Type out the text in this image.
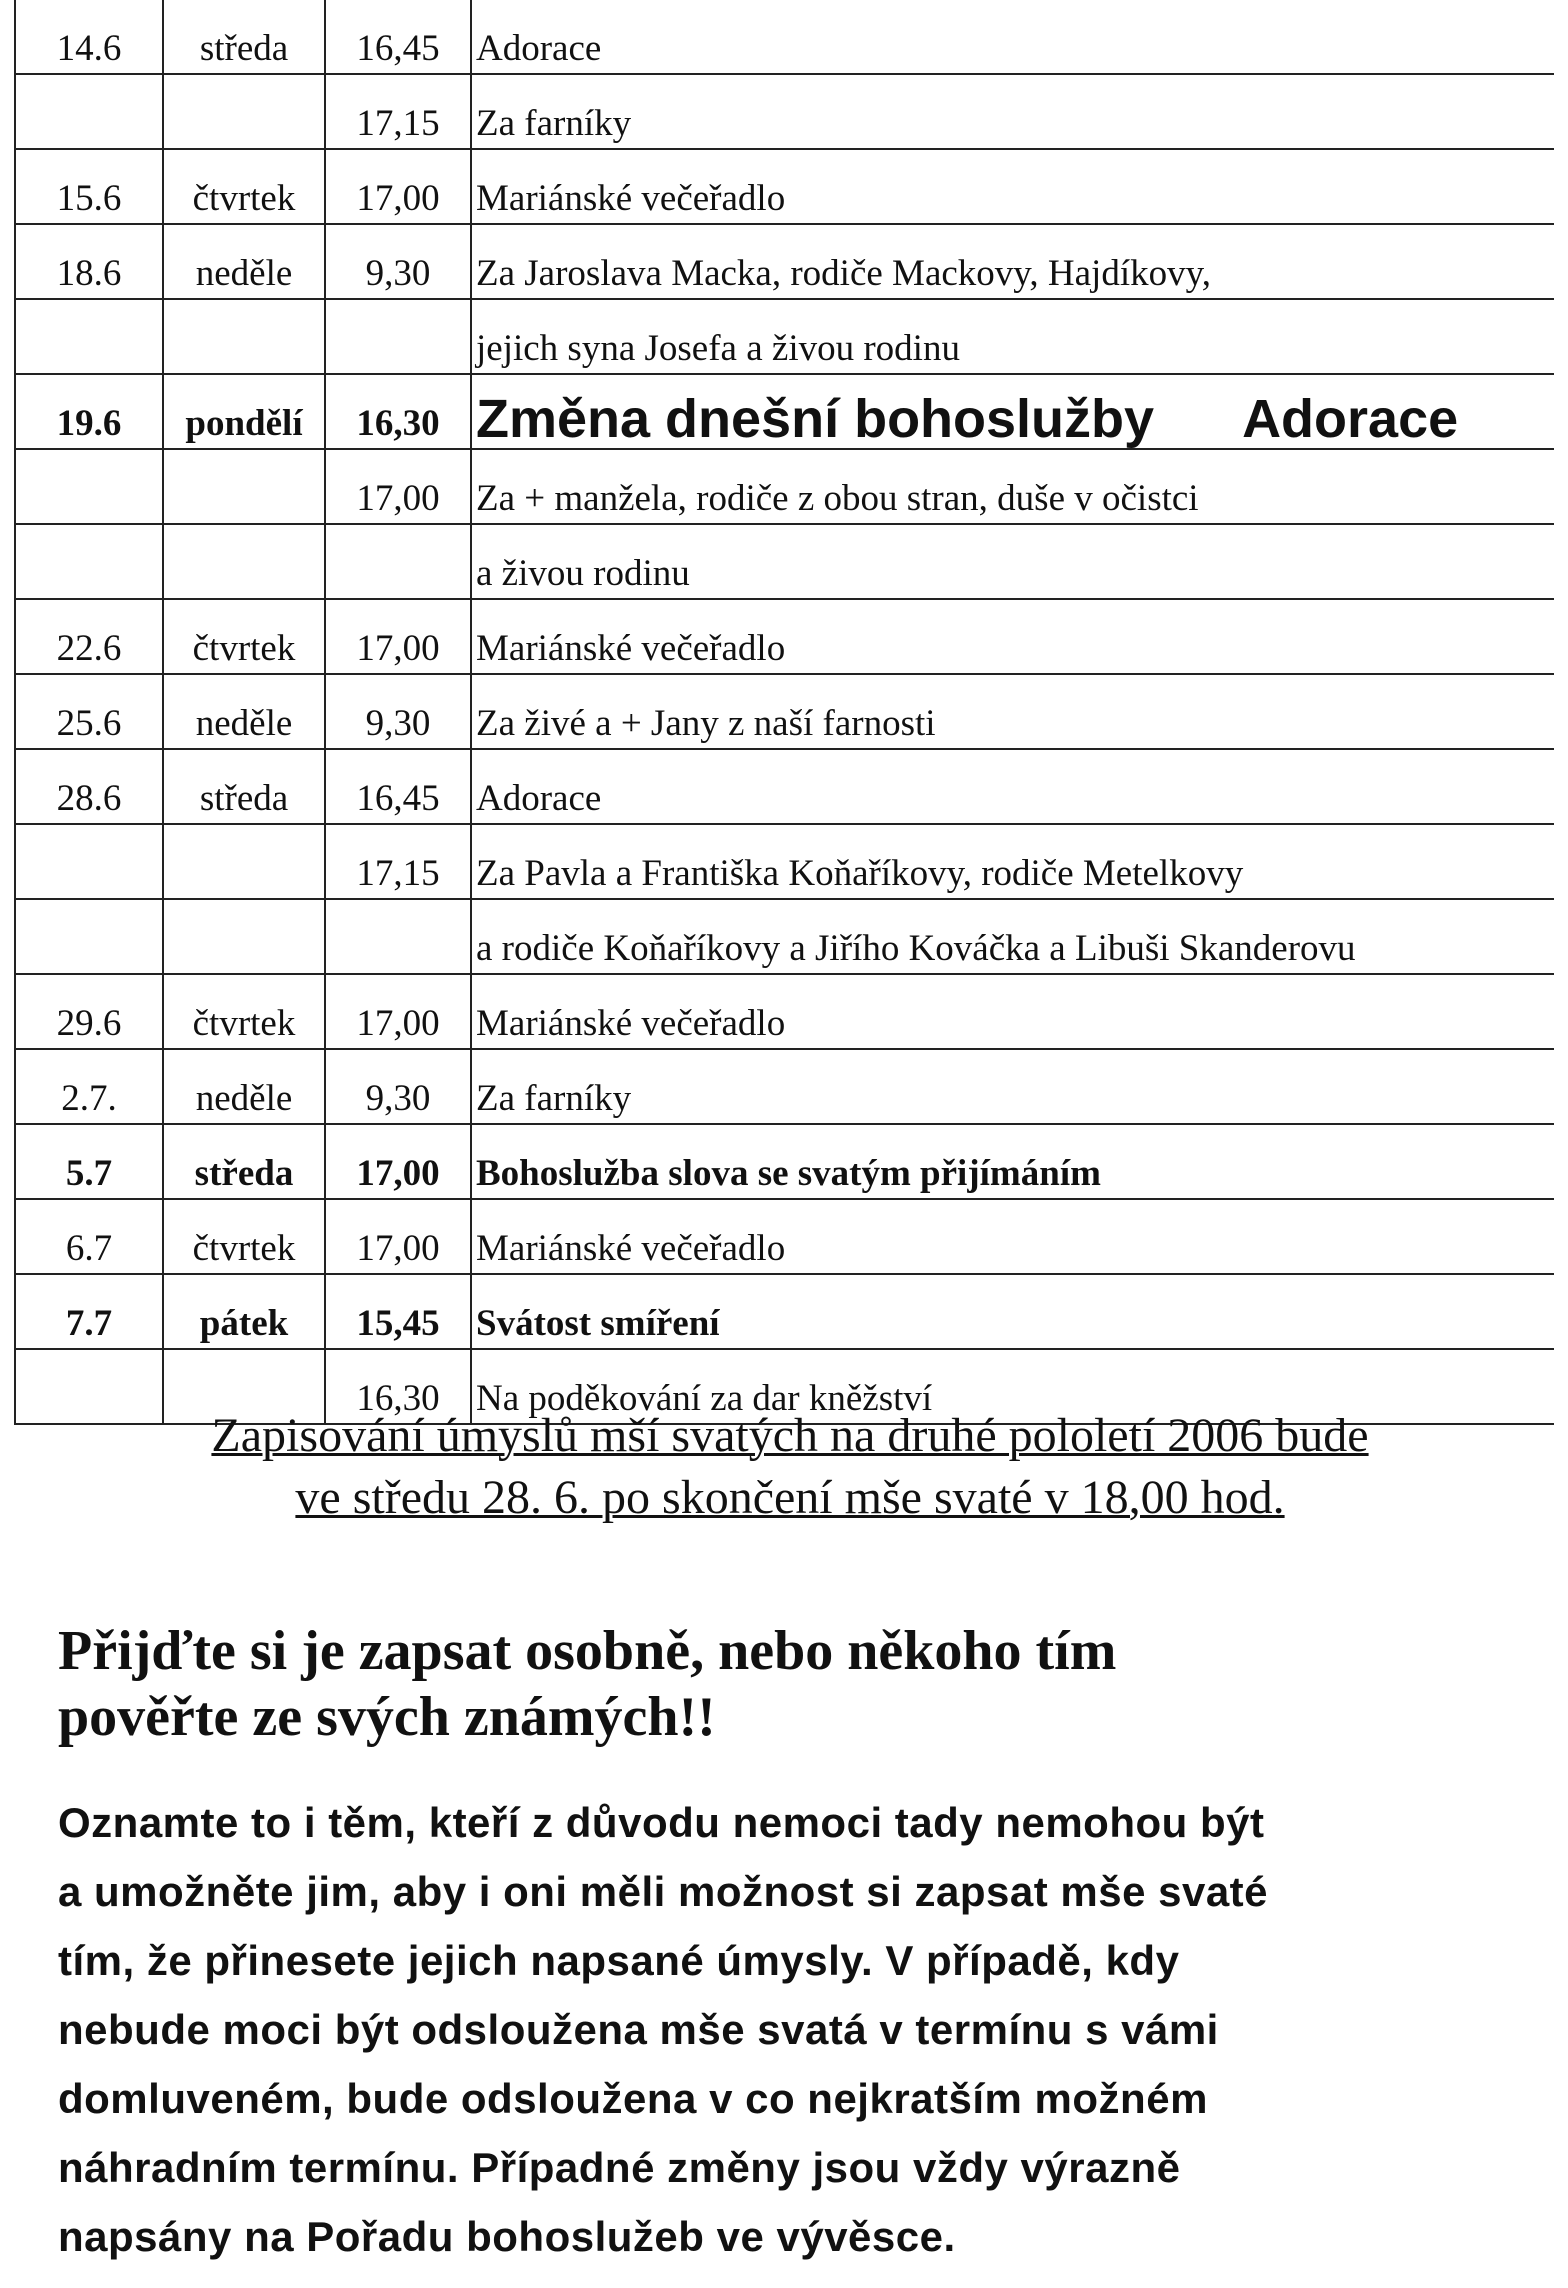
14.6	středa	16,45	Adorace
		17,15	Za farníky
15.6	čtvrtek	17,00	Mariánské večeřadlo
18.6	neděle	9,30	Za Jaroslava Macka, rodiče Mackovy, Hajdíkovy,
			jejich syna Josefa a živou rodinu
19.6	pondělí	16,30	Změna dnešní bohoslužby Adorace
		17,00	Za + manžela, rodiče z obou stran, duše v očistci
			a živou rodinu
22.6	čtvrtek	17,00	Mariánské večeřadlo
25.6	neděle	9,30	Za živé a + Jany z naší farnosti
28.6	středa	16,45	Adorace
		17,15	Za Pavla a Františka Koňaříkovy, rodiče Metelkovy
			a rodiče Koňaříkovy a Jiřího Kováčka a Libuši Skanderovu
29.6	čtvrtek	17,00	Mariánské večeřadlo
2.7.	neděle	9,30	Za farníky
5.7	středa	17,00	Bohoslužba slova se svatým přijímáním
6.7	čtvrtek	17,00	Mariánské večeřadlo
7.7	pátek	15,45	Svátost smíření
		16,30	Na poděkování za dar kněžství
Zapisování úmyslů mší svatých na druhé pololetí 2006 bude
ve středu 28. 6. po skončení mše svaté v 18,00 hod.
Přijďte si je zapsat osobně, nebo někoho tím
pověřte ze svých známých!!
Oznamte to i těm, kteří z důvodu nemoci tady nemohou být
a umožněte jim, aby i oni měli možnost si zapsat mše svaté
tím, že přinesete jejich napsané úmysly. V případě, kdy
nebude moci být odsloužena mše svatá v termínu s vámi
domluveném, bude odsloužena v co nejkratším možném
náhradním termínu. Případné změny jsou vždy výrazně
napsány na Pořadu bohoslužeb ve vývěsce.
